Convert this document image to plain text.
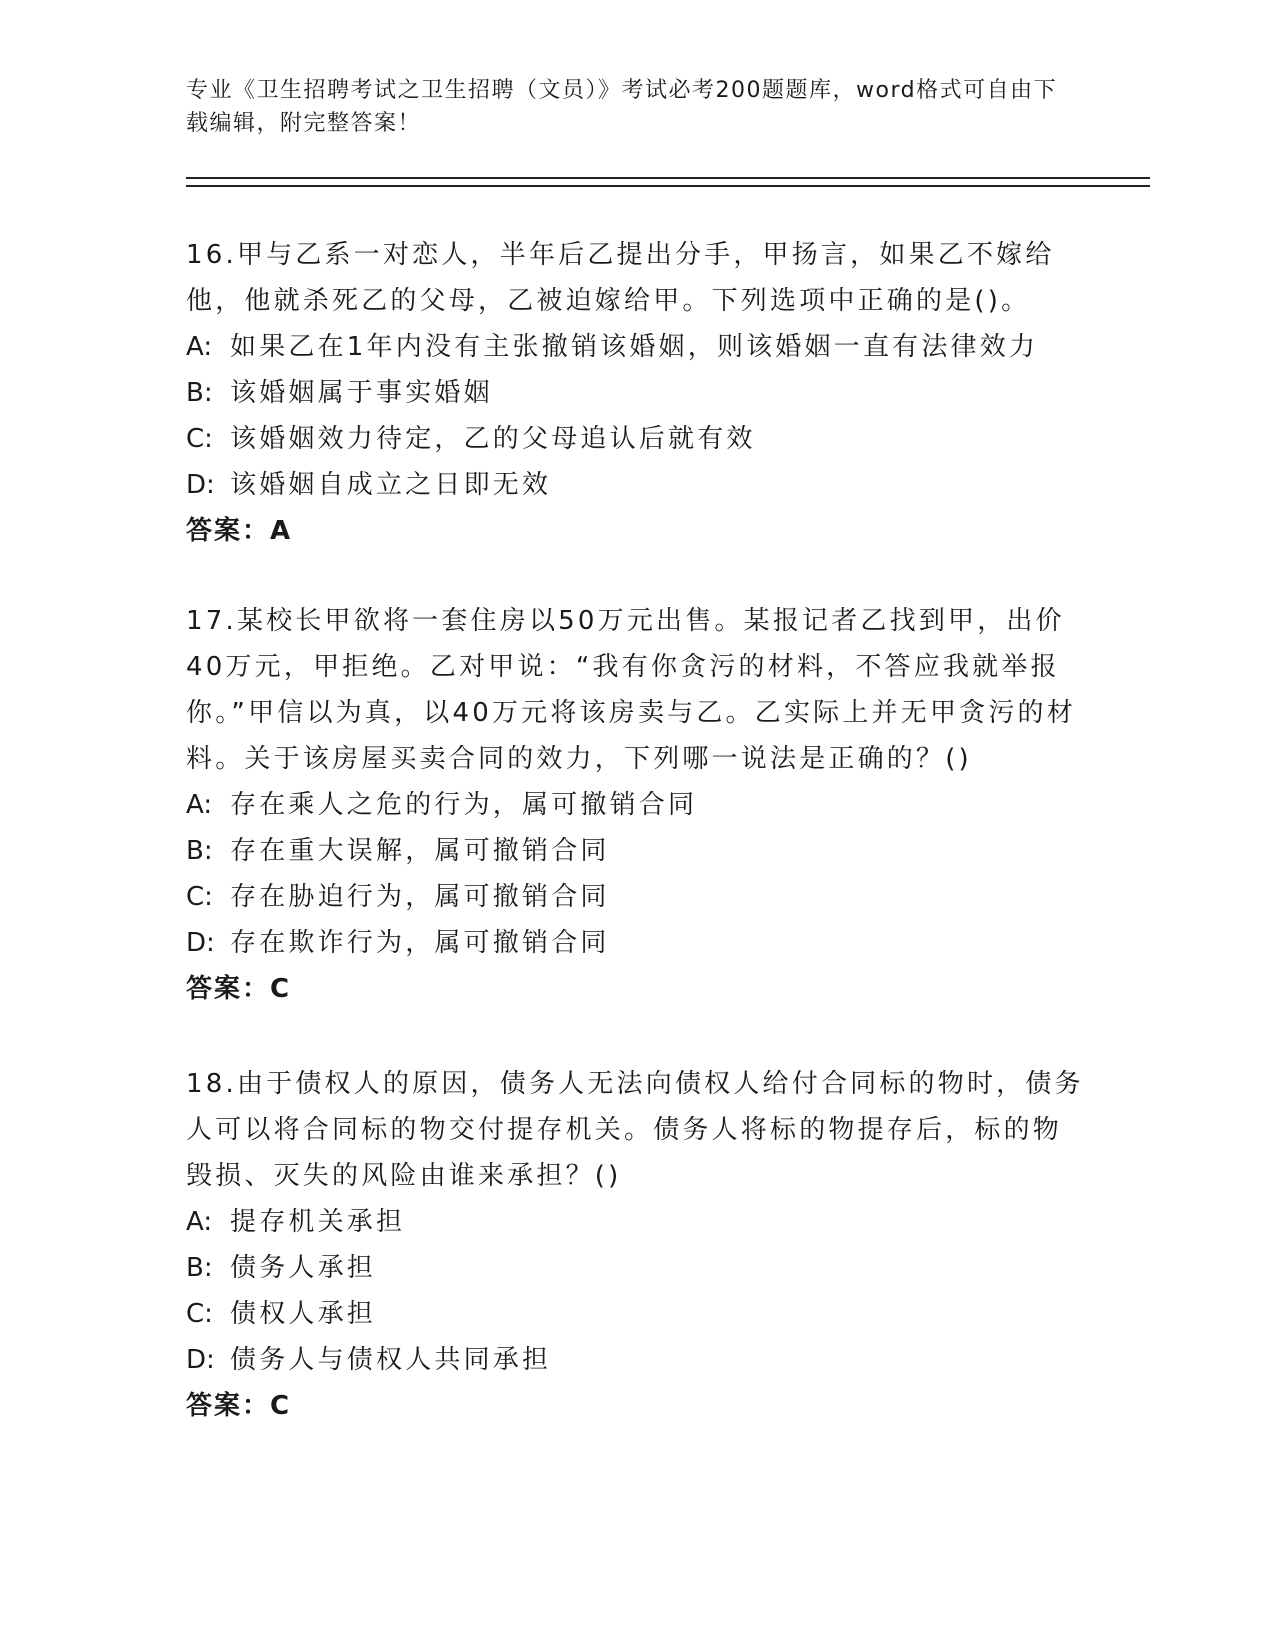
专业《卫生招聘考试之卫生招聘（文员）》考试必考200题题库，word格式可自由下载编辑，附完整答案！

16.甲与乙系一对恋人，半年后乙提出分手，甲扬言，如果乙不嫁给他，他就杀死乙的父母，乙被迫嫁给甲。下列选项中正确的是()。

A: 如果乙在1年内没有主张撤销该婚姻，则该婚姻一直有法律效力

B: 该婚姻属于事实婚姻

C: 该婚姻效力待定，乙的父母追认后就有效

D: 该婚姻自成立之日即无效

答案：A

17.某校长甲欲将一套住房以50万元出售。某报记者乙找到甲，出价40万元，甲拒绝。乙对甲说：“我有你贪污的材料，不答应我就举报你。”甲信以为真，以40万元将该房卖与乙。乙实际上并无甲贪污的材料。关于该房屋买卖合同的效力，下列哪一说法是正确的？()

A: 存在乘人之危的行为，属可撤销合同

B: 存在重大误解，属可撤销合同

C: 存在胁迫行为，属可撤销合同

D: 存在欺诈行为，属可撤销合同

答案：C

18.由于债权人的原因，债务人无法向债权人给付合同标的物时，债务人可以将合同标的物交付提存机关。债务人将标的物提存后，标的物毁损、灭失的风险由谁来承担？()

A: 提存机关承担

B: 债务人承担

C: 债权人承担

D: 债务人与债权人共同承担

答案：C
